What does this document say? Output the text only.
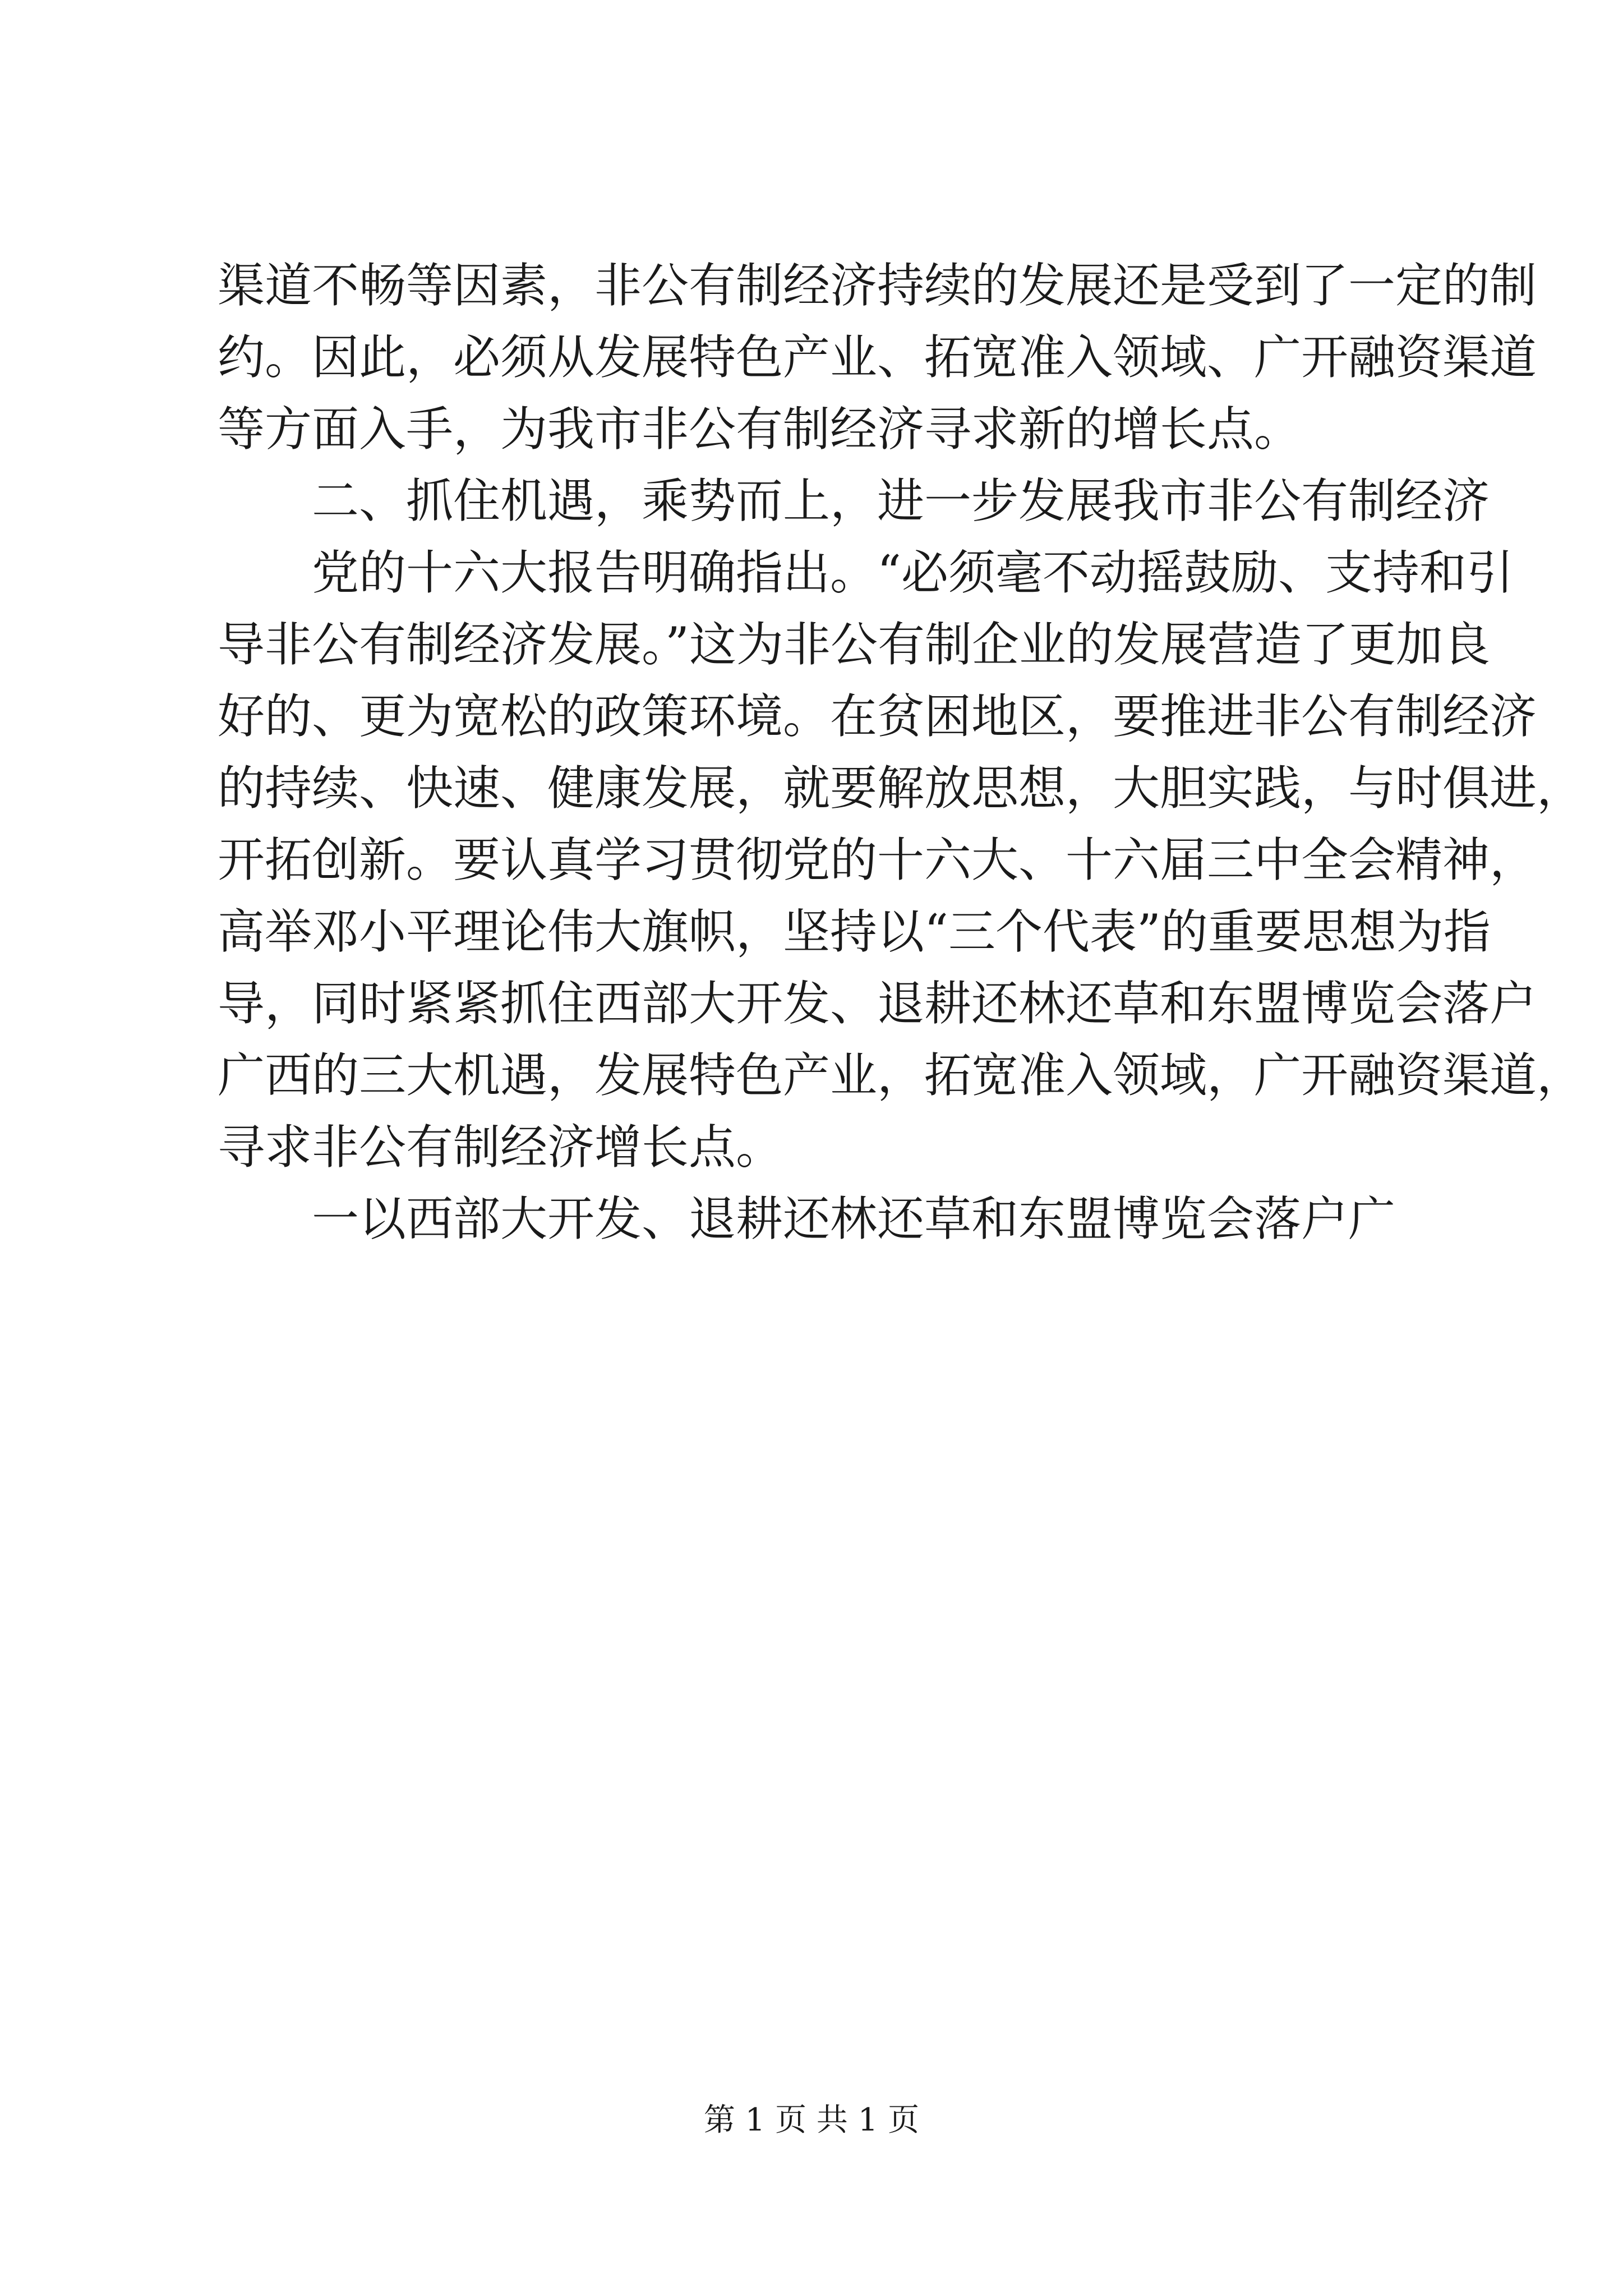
渠道不畅等因素，非公有制经济持续的发展还是受到了一定的制
约。因此，必须从发展特色产业、拓宽准入领域、广开融资渠道
等方面入手，为我市非公有制经济寻求新的增长点。
二、抓住机遇，乘势而上，进一步发展我市非公有制经济
党的十六大报告明确指出。“必须毫不动摇鼓励、支持和引
导非公有制经济发展。”这为非公有制企业的发展营造了更加良
好的、更为宽松的政策环境。在贫困地区，要推进非公有制经济
的持续、快速、健康发展，就要解放思想，大胆实践，与时俱进，
开拓创新。要认真学习贯彻党的十六大、十六届三中全会精神，
高举邓小平理论伟大旗帜，坚持以“三个代表”的重要思想为指
导，同时紧紧抓住西部大开发、退耕还林还草和东盟博览会落户
广西的三大机遇，发展特色产业，拓宽准入领域，广开融资渠道，
寻求非公有制经济增长点。
一以西部大开发、退耕还林还草和东盟博览会落户广
第 1 页 共 1 页
